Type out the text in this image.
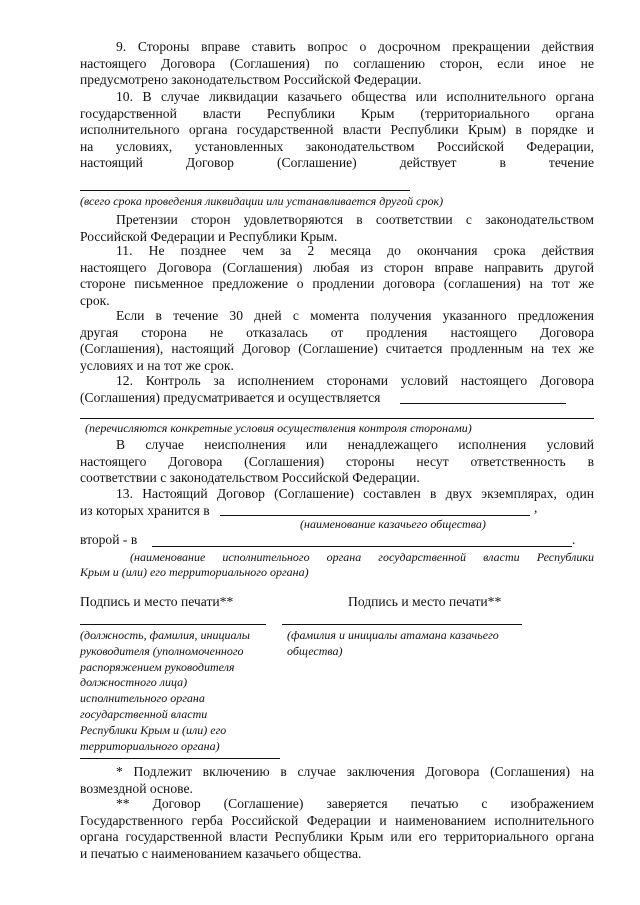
9. Стороны вправе ставить вопрос о досрочном прекращении действия
настоящего Договора (Соглашения) по соглашению сторон, если иное не
предусмотрено законодательством Российской Федерации.
10. В случае ликвидации казачьего общества или исполнительного органа
государственной власти Республики Крым (территориального органа
исполнительного органа государственной власти Республики Крым) в порядке и
на условиях, установленных законодательством Российской Федерации,
настоящий Договор (Соглашение) действует в течение
(всего срока проведения ликвидации или устанавливается другой срок)
Претензии сторон удовлетворяются в соответствии с законодательством
Российской Федерации и Республики Крым.
11. Не позднее чем за 2 месяца до окончания срока действия
настоящего Договора (Соглашения) любая из сторон вправе направить другой
стороне письменное предложение о продлении договора (соглашения) на тот же
срок.
Если в течение 30 дней с момента получения указанного предложения
другая сторона не отказалась от продления настоящего Договора
(Соглашения), настоящий Договор (Соглашение) считается продленным на тех же
условиях и на тот же срок.
12. Контроль за исполнением сторонами условий настоящего Договора
(Соглашения) предусматривается и осуществляется
(перечисляются конкретные условия осуществления контроля сторонами)
В случае неисполнения или ненадлежащего исполнения условий
настоящего Договора (Соглашения) стороны несут ответственность в
соответствии с законодательством Российской Федерации.
13. Настоящий Договор (Соглашение) составлен в двух экземплярах, один
из которых хранится в	,
(наименование казачьего общества)
второй - в	.
(наименование исполнительного органа государственной власти Республики
Крым и (или) его территориального органа)
Подпись и место печати**	Подпись и место печати**
(должность, фамилия, инициалы
руководителя (уполномоченного
распоряжением руководителя
должностного лица)
исполнительного органа
государственной власти
Республики Крым и (или) его
территориального органа)
(фамилия и инициалы атамана казачьего
общества)
* Подлежит включению в случае заключения Договора (Соглашения) на
возмездной основе.
** Договор (Соглашение) заверяется печатью с изображением
Государственного герба Российской Федерации и наименованием исполнительного
органа государственной власти Республики Крым или его территориального органа
и печатью с наименованием казачьего общества.
